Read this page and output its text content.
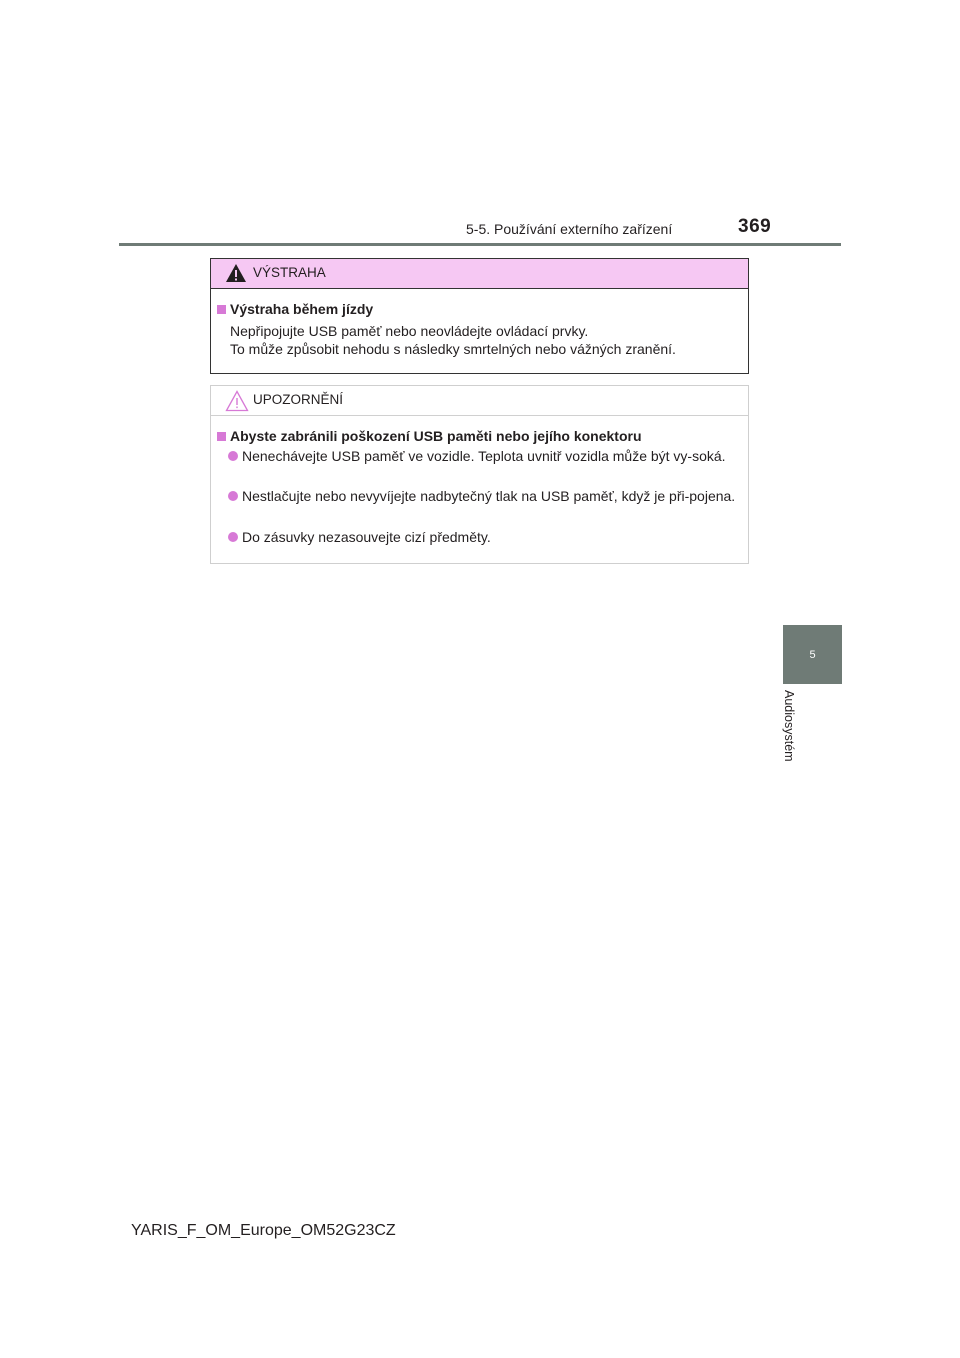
5-5. Používání externího zařízení	369
VÝSTRAHA
Výstraha během jízdy
Nepřipojujte USB paměť nebo neovládejte ovládací prvky.
To může způsobit nehodu s následky smrtelných nebo vážných zranění.
UPOZORNĚNÍ
Abyste zabránili poškození USB paměti nebo jejího konektoru
Nenechávejte USB paměť ve vozidle. Teplota uvnitř vozidla může být vy-soká.
Nestlačujte nebo nevyvíjejte nadbytečný tlak na USB paměť, když je při-pojena.
Do zásuvky nezasouvejte cizí předměty.
5
Audiosystém
YARIS_F_OM_Europe_OM52G23CZ
